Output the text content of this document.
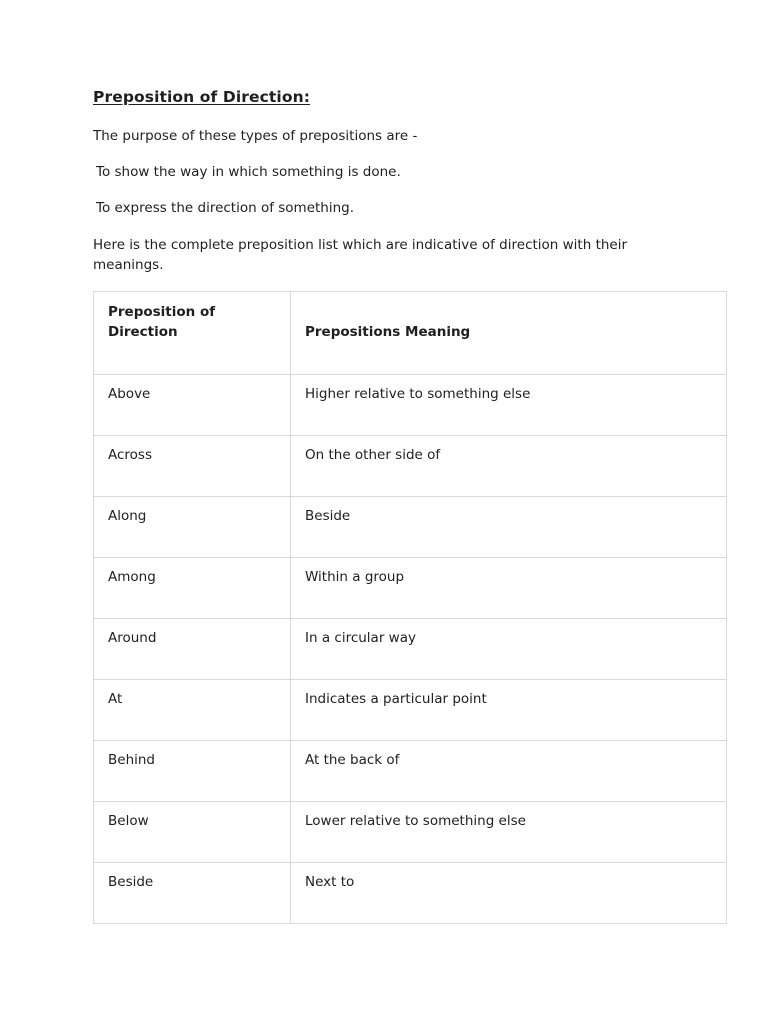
Preposition of Direction:

The purpose of these types of prepositions are -

To show the way in which something is done.

To express the direction of something.

Here is the complete preposition list which are indicative of direction with their meanings.

Preposition of Direction	Prepositions Meaning
Above	Higher relative to something else
Across	On the other side of
Along	Beside
Among	Within a group
Around	In a circular way
At	Indicates a particular point
Behind	At the back of
Below	Lower relative to something else
Beside	Next to
